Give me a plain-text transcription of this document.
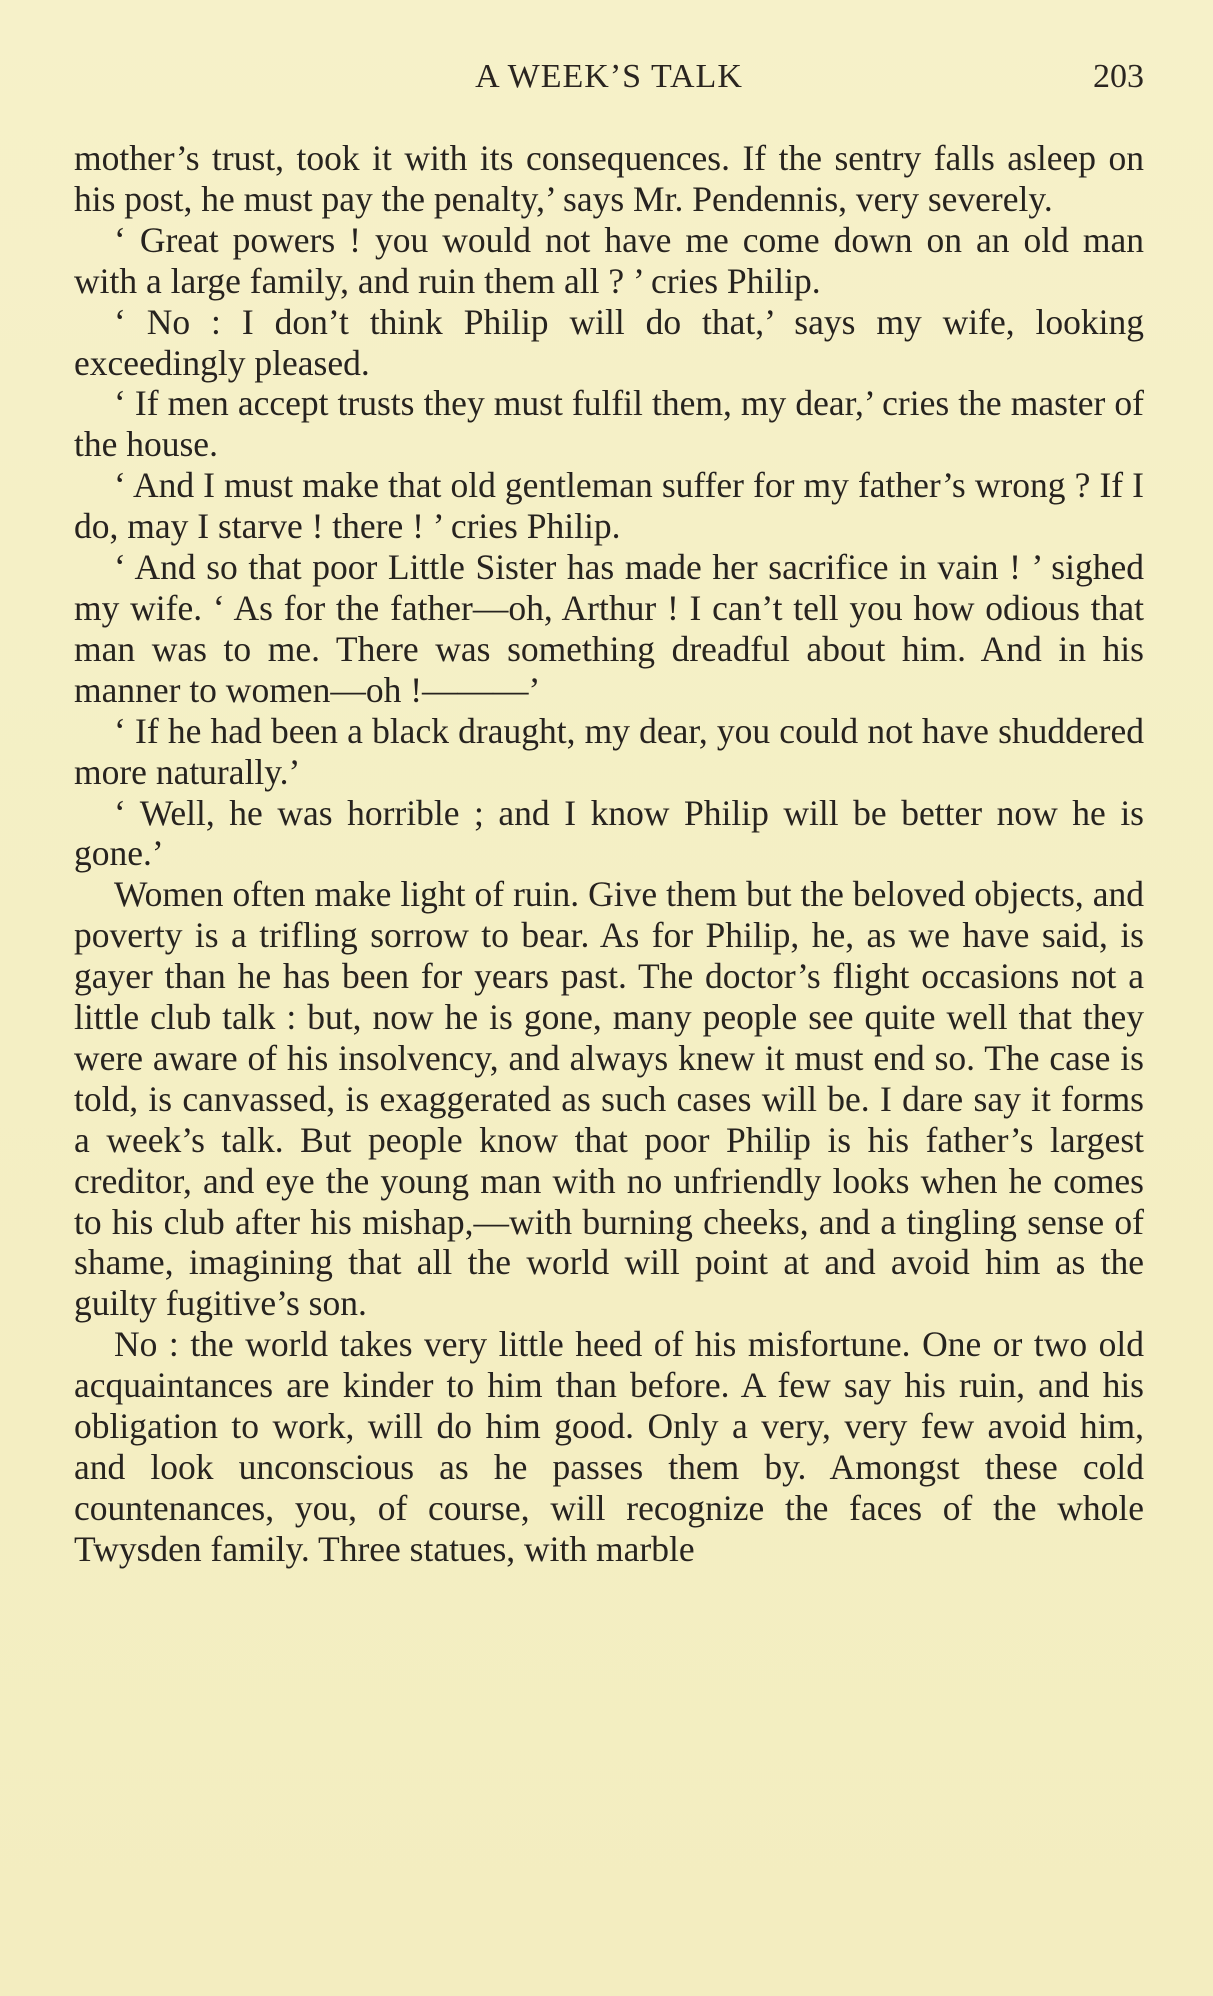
A WEEK’S TALK	203

mother’s trust, took it with its consequences. If the sentry falls asleep on his post, he must pay the penalty,’ says Mr. Pendennis, very severely.

‘ Great powers ! you would not have me come down on an old man with a large family, and ruin them all ? ’ cries Philip.

‘ No : I don’t think Philip will do that,’ says my wife, looking exceedingly pleased.

‘ If men accept trusts they must fulfil them, my dear,’ cries the master of the house.

‘ And I must make that old gentleman suffer for my father’s wrong ? If I do, may I starve ! there ! ’ cries Philip.

‘ And so that poor Little Sister has made her sacrifice in vain ! ’ sighed my wife. ‘ As for the father—oh, Arthur ! I can’t tell you how odious that man was to me. There was something dreadful about him. And in his manner to women—oh !———’

‘ If he had been a black draught, my dear, you could not have shuddered more naturally.’

‘ Well, he was horrible ; and I know Philip will be better now he is gone.’

Women often make light of ruin. Give them but the beloved objects, and poverty is a trifling sorrow to bear. As for Philip, he, as we have said, is gayer than he has been for years past. The doctor’s flight occasions not a little club talk : but, now he is gone, many people see quite well that they were aware of his insolvency, and always knew it must end so. The case is told, is canvassed, is exaggerated as such cases will be. I dare say it forms a week’s talk. But people know that poor Philip is his father’s largest creditor, and eye the young man with no unfriendly looks when he comes to his club after his mishap,—with burning cheeks, and a tingling sense of shame, imagining that all the world will point at and avoid him as the guilty fugitive’s son.

No : the world takes very little heed of his misfortune. One or two old acquaintances are kinder to him than before. A few say his ruin, and his obligation to work, will do him good. Only a very, very few avoid him, and look unconscious as he passes them by. Amongst these cold countenances, you, of course, will recognize the faces of the whole Twysden family. Three statues, with marble
